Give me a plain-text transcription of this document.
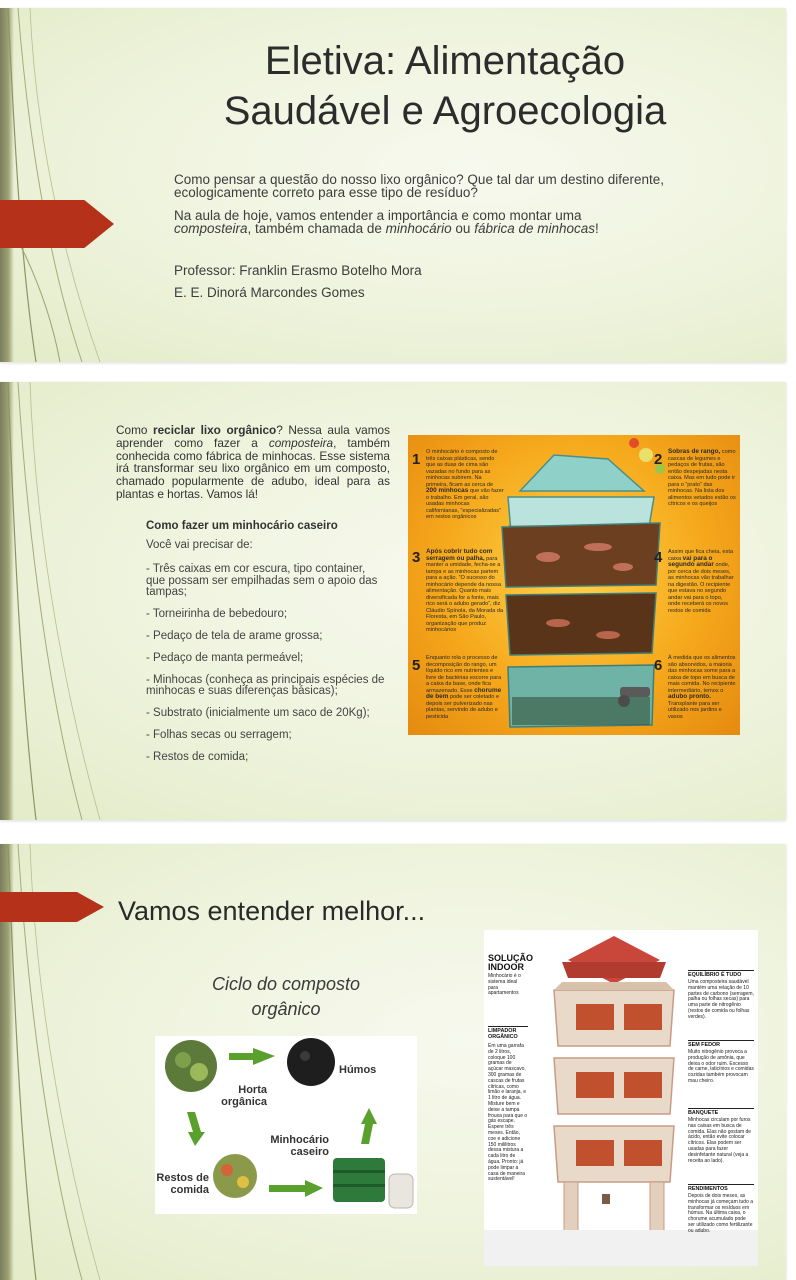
Eletiva: Alimentação
Saudável e Agroecologia
Como pensar a questão do nosso lixo orgânico? Que tal dar um destino diferente,
ecologicamente correto para esse tipo de resíduo?
Na aula de hoje, vamos entender a importância e como montar uma
composteira, também chamada de minhocário ou fábrica de minhocas!
Professor: Franklin Erasmo Botelho Mora
E. E. Dinorá Marcondes Gomes
Como reciclar lixo orgânico? Nessa aula vamos aprender como fazer a composteira, também conhecida como fábrica de minhocas. Esse sistema irá transformar seu lixo orgânico em um composto, chamado popularmente de adubo, ideal para as plantas e hortas. Vamos lá!
Como fazer um minhocário caseiro
Você vai precisar de:
- Três caixas em cor escura, tipo container, que possam ser empilhadas sem o apoio das tampas;
- Torneirinha de bebedouro;
- Pedaço de tela de arame grossa;
- Pedaço de manta permeável;
- Minhocas (conheça as principais espécies de minhocas e suas diferenças básicas);
- Substrato (inicialmente um saco de 20Kg);
- Folhas secas ou serragem;
- Restos de comida;
1 O minhocário é composto de três caixas plásticas, sendo que as duas de cima são vazadas no fundo para as minhocas subirem. Na primeira, ficam as cerca de 200 minhocas que vão fazer o trabalho. Em geral, são usadas minhocas californianas, “especializadas” em restos orgânicos
2 Sobras de rango, como cascas de legumes e pedaços de frutas, são então despejadas nesta caixa. Mas em tudo pode ir para o “prato” das minhocas. Na lista dos alimentos vetados estão os cítricos e os queijos
3 Após cobrir tudo com serragem ou palha, para manter a umidade, fecha-se a tampa e as minhocas partem para a ação. “O sucesso do minhocário depende da nossa alimentação. Quanto mais diversificada for a fonte, mais rico será o adubo gerado”, diz Cláudio Spínola, da Morada da Floresta, em São Paulo, organização que produz minhocários
4 Assim que fica cheia, esta caixa vai para o segundo andar onde, por cerca de dois meses, as minhocas vão trabalhar na digestão. O recipiente que estava no segundo andar vai para o topo, onde receberá os novos restos de comida
5 Enquanto rola o processo de decomposição do rango, um líquido rico em nutrientes e livre de bactérias escorre para a caixa da base, onde fica armazenado. Esse chorume de bem pode ser coletado e depois ser pulverizado nas plantas, servindo de adubo e pesticida
6 À medida que os alimentos são absorvidos, a maioria das minhocas some para a caixa de topo em busca de mais comida. No recipiente intermediário, temos o adubo pronto. Transplante para ser utilizado nos jardins e vasos
Vamos entender melhor...
Ciclo do composto
orgânico
Húmos
Horta orgânica
Minhocário caseiro
Restos de comida
SOLUÇÃO INDOOR
Minhocário é o sistema ideal para apartamentos
LIMPADOR ORGÂNICO
Em uma garrafa de 2 litros, coloque 100 gramas de açúcar mascavo, 300 gramas de cascas de frutas cítricas, como limão e laranja, e 1 litro de água. Misture bem e deixe a tampa frouxa para que o gás escape. Espere três meses. Então, coe e adicione 150 mililitros dessa mistura a cada litro de água. Pronto: já pode limpar a casa de maneira sustentável!
EQUILÍBRIO É TUDO
Uma composteira saudável mantém uma relação de 10 partes de carbono (serragem, palha ou folhas secas) para uma parte de nitrogênio (restos de comida ou folhas verdes).
SEM FEDOR
Muito nitrogênio provoca a produção de amônia, que deixa o odor ruim. Excesso de carne, laticínios e comidas cozidas também provocam mau cheiro.
BANQUETE
Minhocas circulam por furos nas caixas em busca de comida. Elas não gostam de ácido, então evite colocar cítricos. Elas podem ser usadas para fazer desinfetante natural (veja a receita ao lado).
RENDIMENTOS
Depois de dois meses, as minhocas já começam tudo a transformar os resíduos em húmus. Na última caixa, o chorume acumulado pode ser utilizado como fertilizante ou adubo.
